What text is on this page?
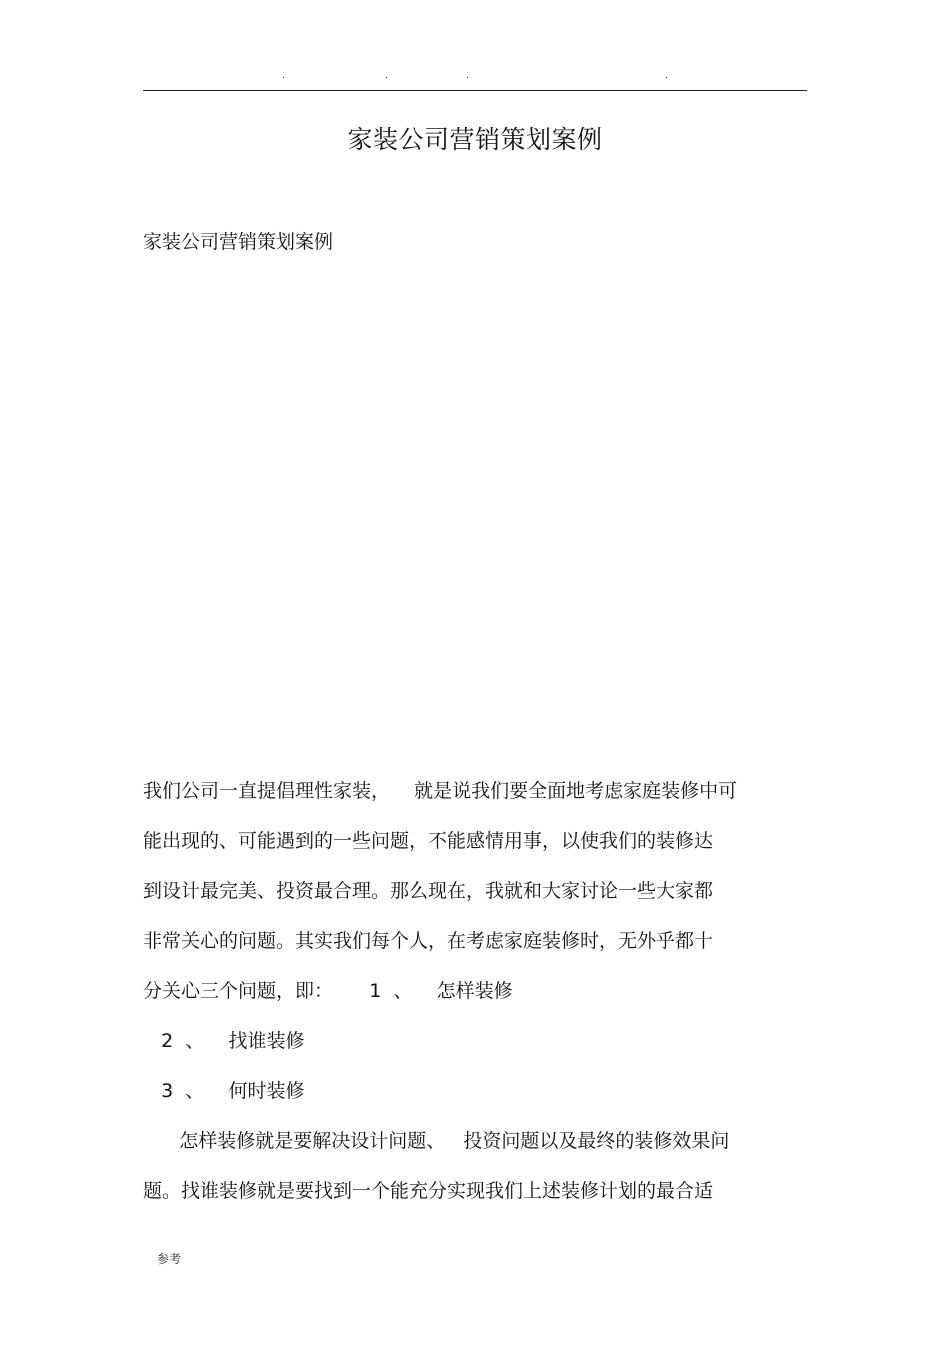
.	.	.	.
家装公司营销策划案例
家装公司营销策划案例
我们公司一直提倡理性家装，    就是说我们要全面地考虑家庭装修中可
能出现的、可能遇到的一些问题，不能感情用事，以使我们的装修达
到设计最完美、投资最合理。那么现在，我就和大家讨论一些大家都
非常关心的问题。其实我们每个人，在考虑家庭装修时，无外乎都十
分关心三个问题，即：      1  、    怎样装修
2  、    找谁装修
3  、    何时装修
怎样装修就是要解决设计问题、   投资问题以及最终的装修效果问
题。找谁装修就是要找到一个能充分实现我们上述装修计划的最合适
参考
